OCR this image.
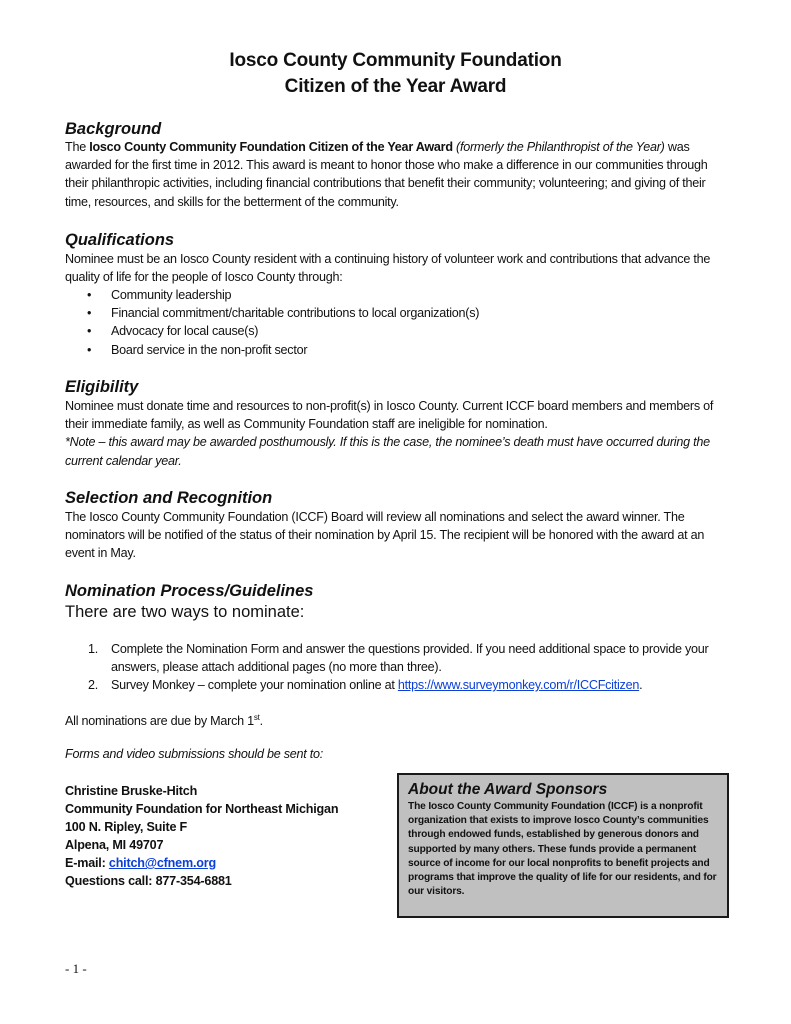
Iosco County Community Foundation
Citizen of the Year Award
Background
The Iosco County Community Foundation Citizen of the Year Award (formerly the Philanthropist of the Year) was awarded for the first time in 2012. This award is meant to honor those who make a difference in our communities through their philanthropic activities, including financial contributions that benefit their community; volunteering; and giving of their time, resources, and skills for the betterment of the community.
Qualifications
Nominee must be an Iosco County resident with a continuing history of volunteer work and contributions that advance the quality of life for the people of Iosco County through:
• Community leadership
• Financial commitment/charitable contributions to local organization(s)
• Advocacy for local cause(s)
• Board service in the non-profit sector
Eligibility
Nominee must donate time and resources to non-profit(s) in Iosco County. Current ICCF board members and members of their immediate family, as well as Community Foundation staff are ineligible for nomination.
*Note – this award may be awarded posthumously. If this is the case, the nominee’s death must have occurred during the current calendar year.
Selection and Recognition
The Iosco County Community Foundation (ICCF) Board will review all nominations and select the award winner. The nominators will be notified of the status of their nomination by April 15. The recipient will be honored with the award at an event in May.
Nomination Process/Guidelines
There are two ways to nominate:
1. Complete the Nomination Form and answer the questions provided. If you need additional space to provide your answers, please attach additional pages (no more than three).
2. Survey Monkey – complete your nomination online at https://www.surveymonkey.com/r/ICCFcitizen.
All nominations are due by March 1st.
Forms and video submissions should be sent to:
Christine Bruske-Hitch
Community Foundation for Northeast Michigan
100 N. Ripley, Suite F
Alpena, MI 49707
E-mail: chitch@cfnem.org
Questions call: 877-354-6881
About the Award Sponsors
The Iosco County Community Foundation (ICCF) is a nonprofit organization that exists to improve Iosco County’s communities through endowed funds, established by generous donors and supported by many others. These funds provide a permanent source of income for our local nonprofits to benefit projects and programs that improve the quality of life for our residents, and for our visitors.
- 1 -
